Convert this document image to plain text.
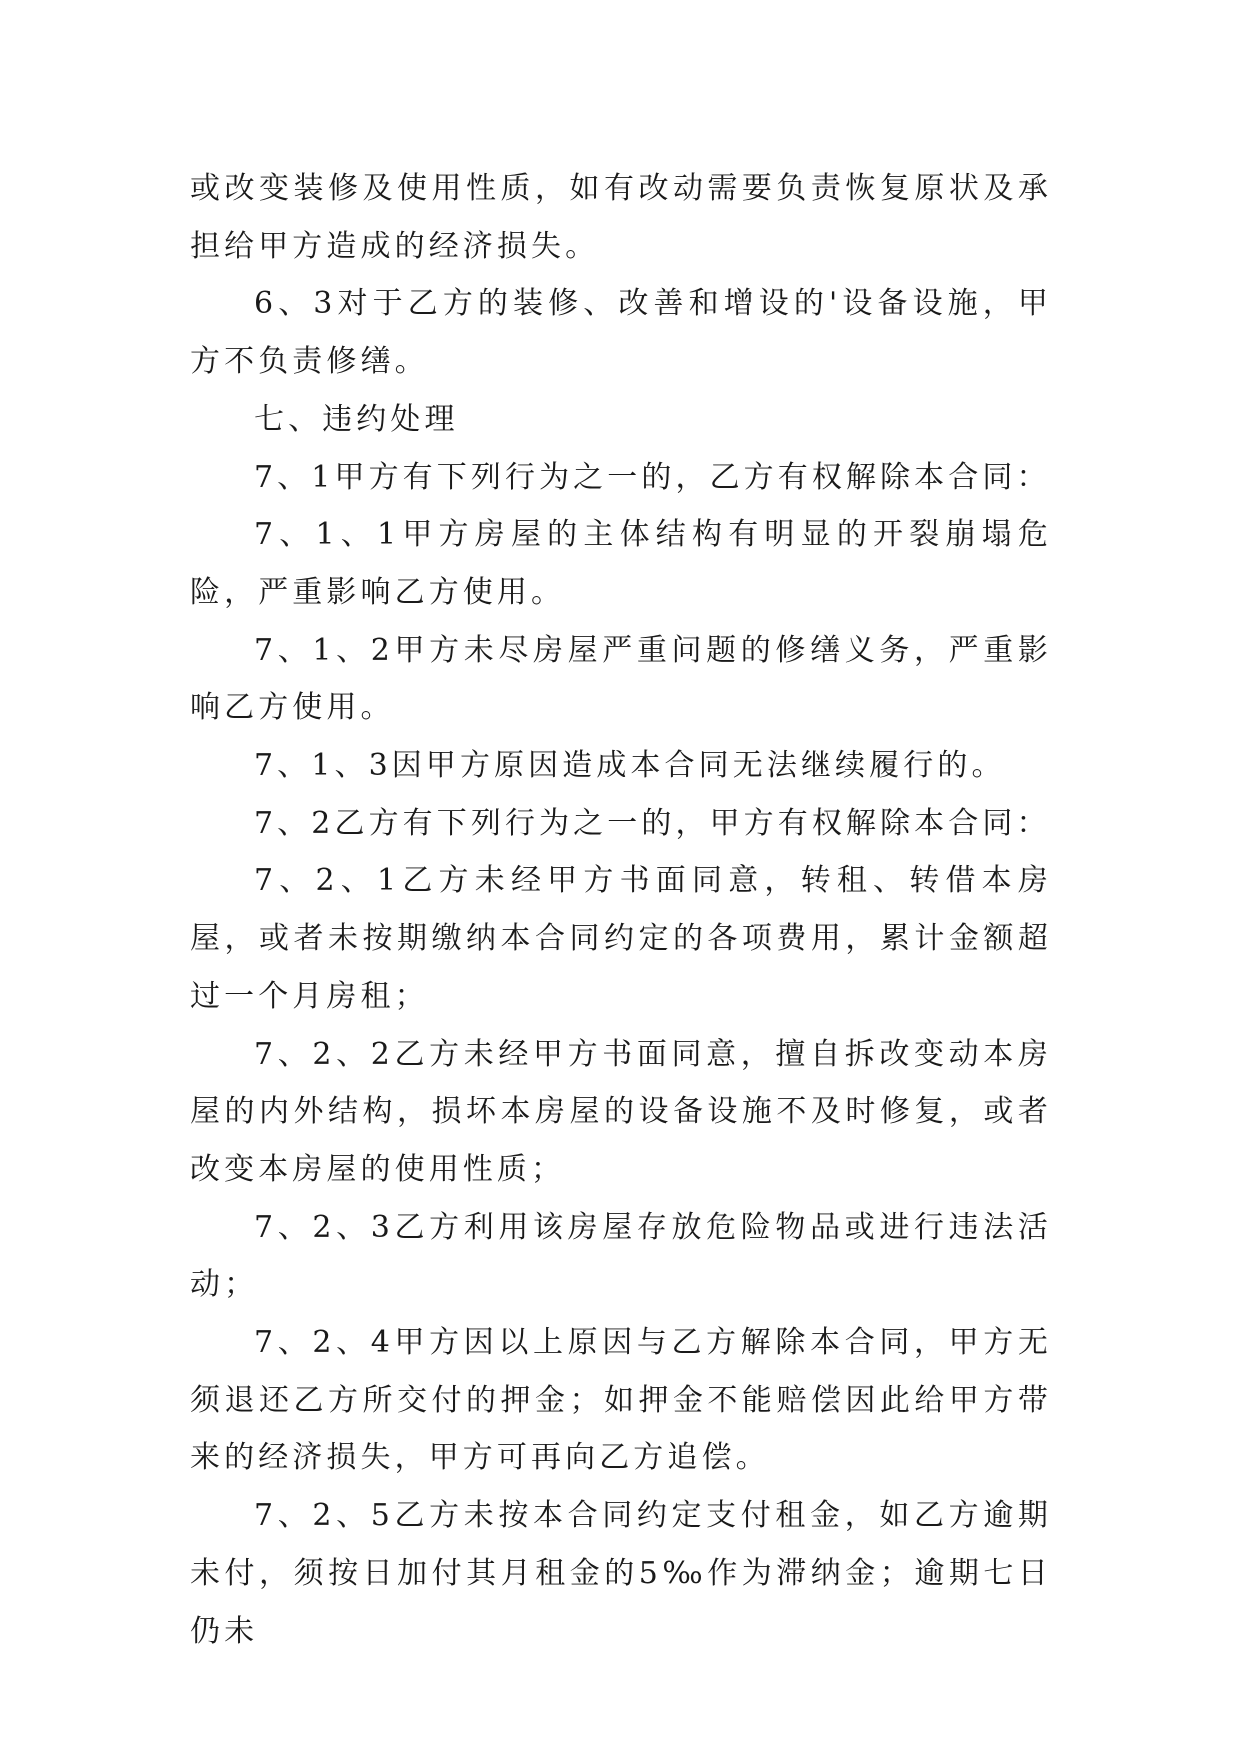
或改变装修及使用性质，如有改动需要负责恢复原状及承担给甲方造成的经济损失。

6、3对于乙方的装修、改善和增设的'设备设施，甲方不负责修缮。

七、违约处理

7、1甲方有下列行为之一的，乙方有权解除本合同：

7、1、1甲方房屋的主体结构有明显的开裂崩塌危险，严重影响乙方使用。

7、1、2甲方未尽房屋严重问题的修缮义务，严重影响乙方使用。

7、1、3因甲方原因造成本合同无法继续履行的。

7、2乙方有下列行为之一的，甲方有权解除本合同：

7、2、1乙方未经甲方书面同意，转租、转借本房屋，或者未按期缴纳本合同约定的各项费用，累计金额超过一个月房租；

7、2、2乙方未经甲方书面同意，擅自拆改变动本房屋的内外结构，损坏本房屋的设备设施不及时修复，或者改变本房屋的使用性质；

7、2、3乙方利用该房屋存放危险物品或进行违法活动；

7、2、4甲方因以上原因与乙方解除本合同，甲方无须退还乙方所交付的押金；如押金不能赔偿因此给甲方带来的经济损失，甲方可再向乙方追偿。

7、2、5乙方未按本合同约定支付租金，如乙方逾期未付，须按日加付其月租金的5‰作为滞纳金；逾期七日仍未
